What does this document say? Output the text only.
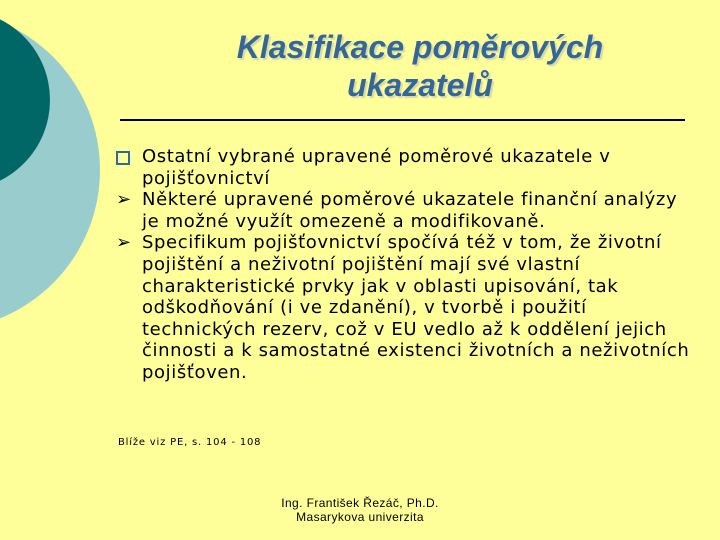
Klasifikace poměrových
ukazatelů
Ostatní vybrané upravené poměrové ukazatele v pojišťovnictví
➢ Některé upravené poměrové ukazatele finanční analýzy je možné využít omezeně a modifikovaně.
➢ Specifikum pojišťovnictví spočívá též v tom, že životní pojištění a neživotní pojištění mají své vlastní charakteristické prvky jak v oblasti upisování, tak odškodňování (i ve zdanění), v tvorbě i použití technických rezerv, což v EU vedlo až k oddělení jejich činnosti a k samostatné existenci životních a neživotních pojišťoven.
Blíže viz PE, s. 104 - 108
Ing. František Řezáč, Ph.D.
Masarykova univerzita
